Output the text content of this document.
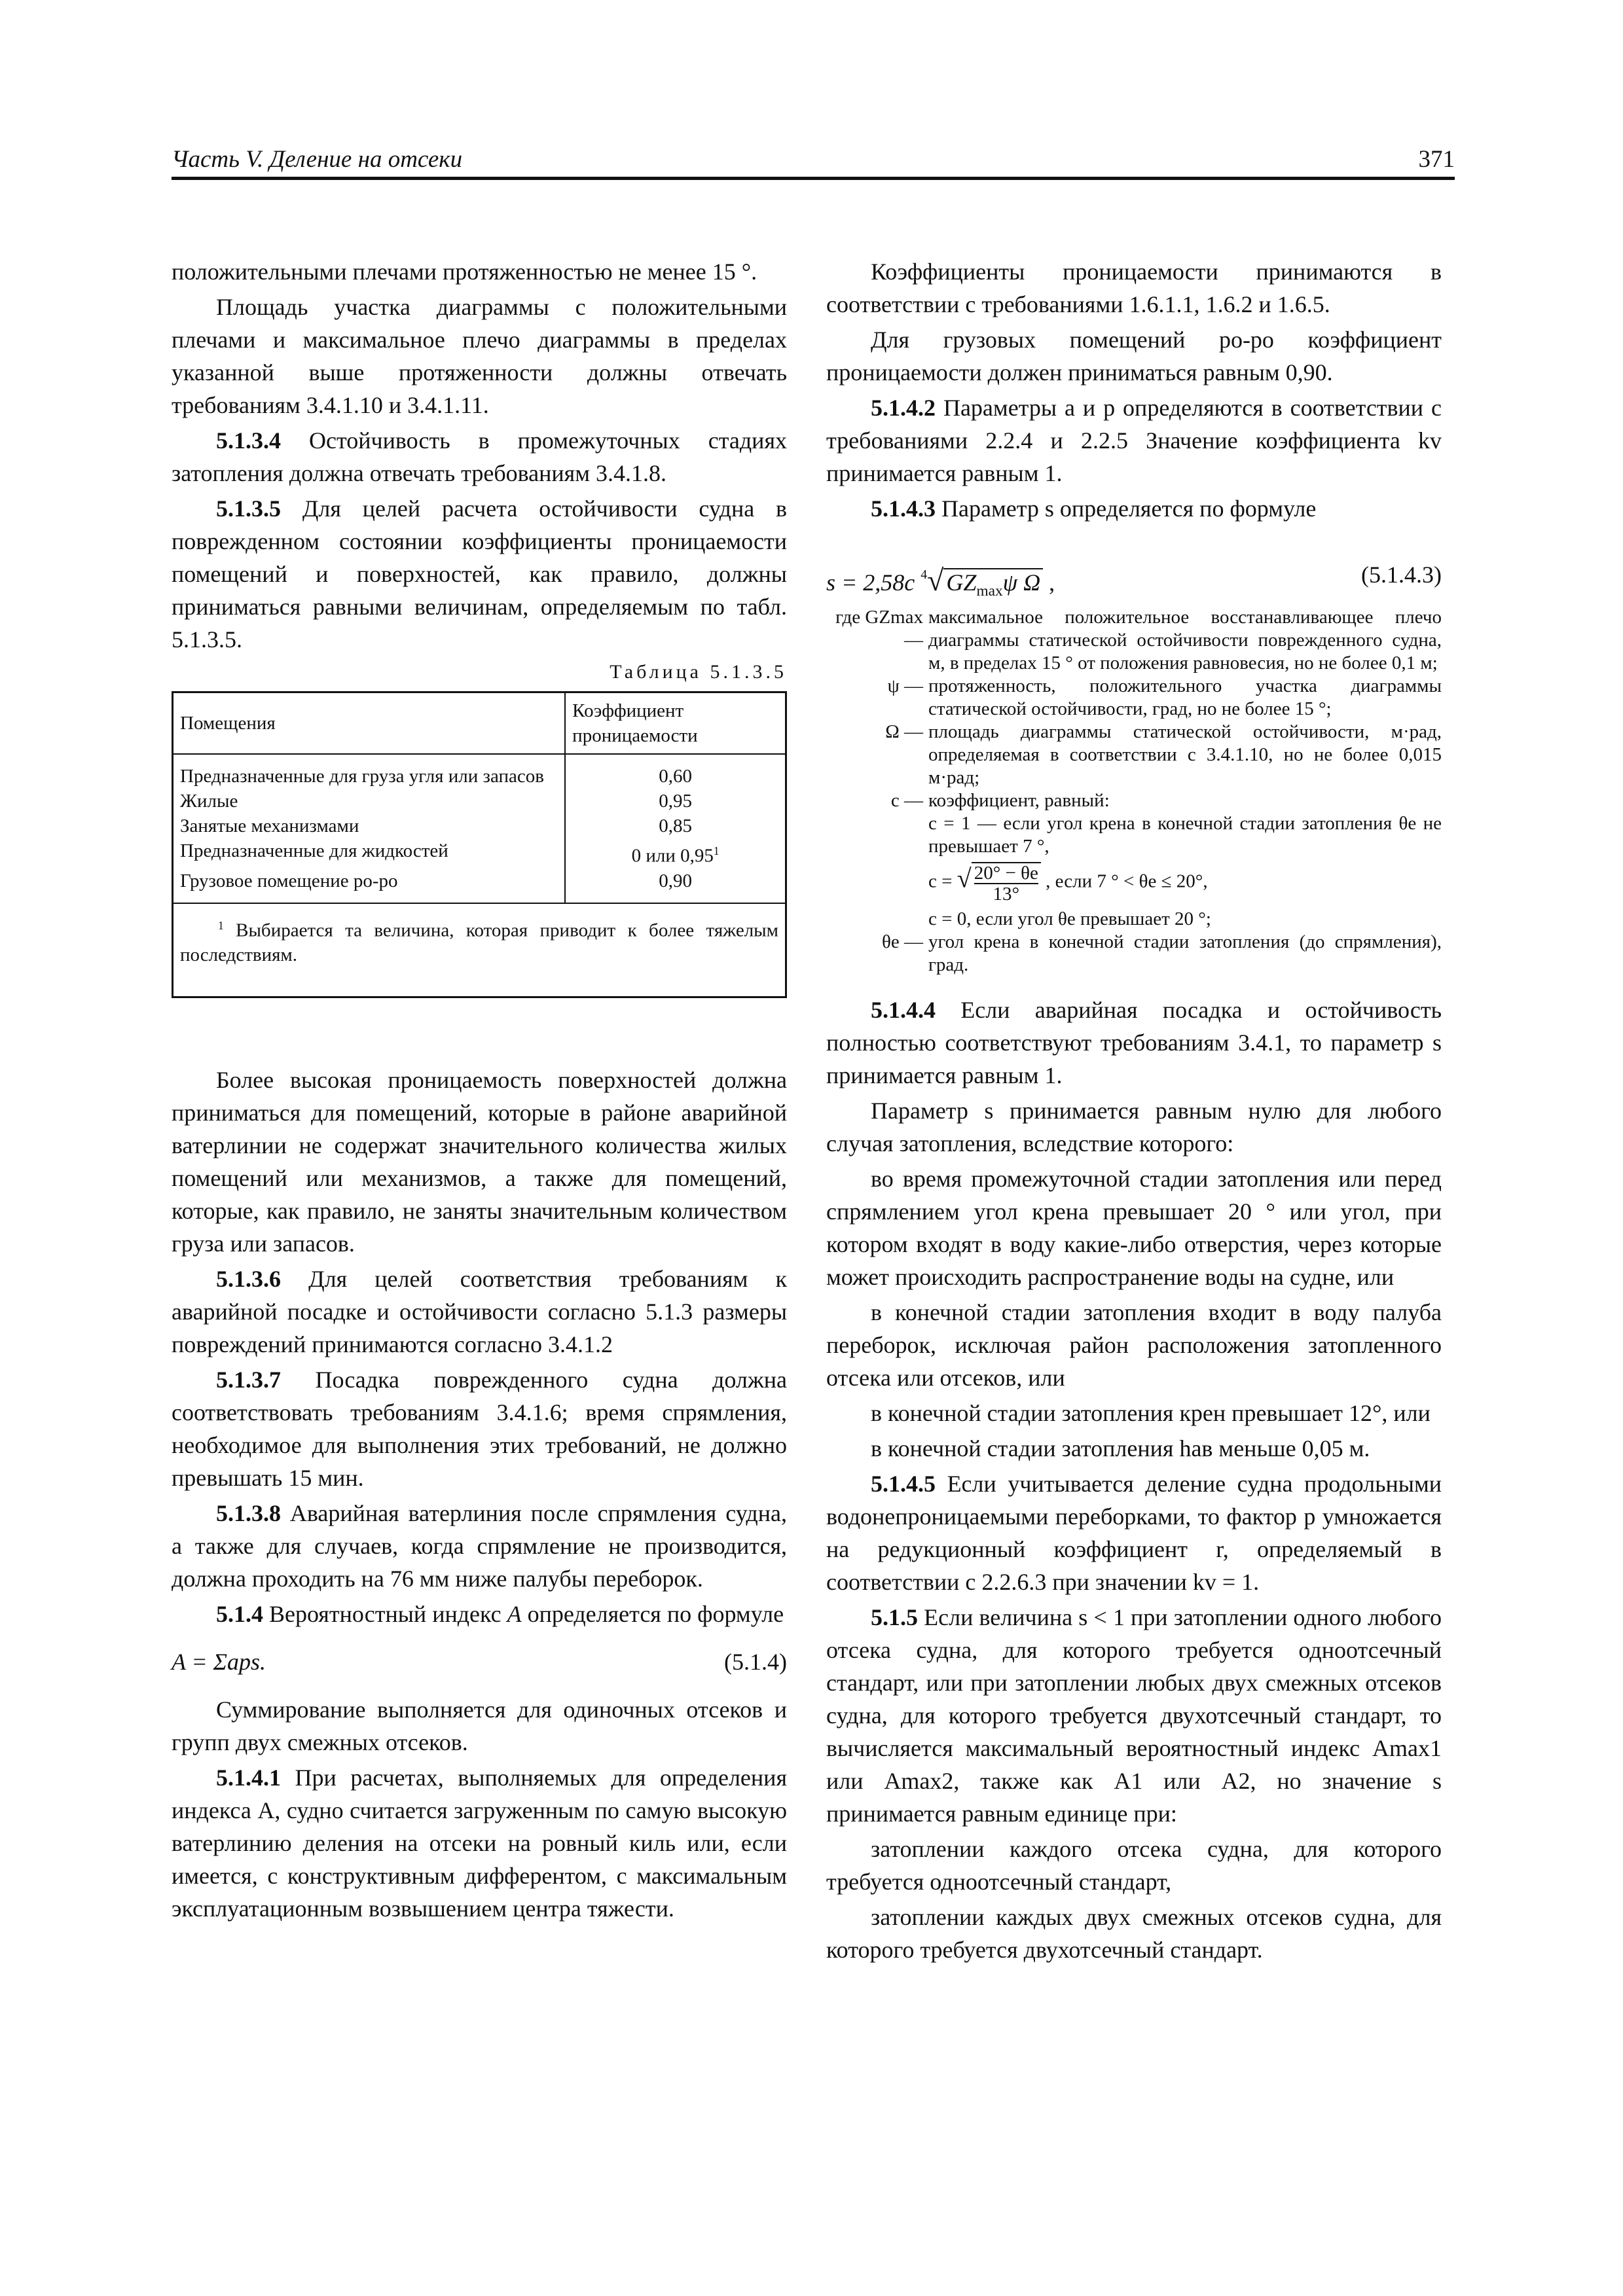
Часть V. Деление на отсеки	371

положительными плечами протяженностью не менее 15 °.

Площадь участка диаграммы с положительными плечами и максимальное плечо диаграммы в пределах указанной выше протяженности должны отвечать требованиям 3.4.1.10 и 3.4.1.11.

5.1.3.4 Остойчивость в промежуточных стадиях затопления должна отвечать требованиям 3.4.1.8.

5.1.3.5 Для целей расчета остойчивости судна в поврежденном состоянии коэффициенты проницаемости помещений и поверхностей, как правило, должны приниматься равными величинам, определяемым по табл. 5.1.3.5.

Таблица 5.1.3.5
Помещения	Коэффициент проницаемости
Предназначенные для груза угля или запасов	0,60
Жилые	0,95
Занятые механизмами	0,85
Предназначенные для жидкостей	0 или 0,95$^1$
Грузовое помещение ро-ро	0,90
$^1$ Выбирается та величина, которая приводит к более тяжелым последствиям.	

Более высокая проницаемость поверхностей должна приниматься для помещений, которые в районе аварийной ватерлинии не содержат значительного количества жилых помещений или механизмов, а также для помещений, которые, как правило, не заняты значительным количеством груза или запасов.

5.1.3.6 Для целей соответствия требованиям к аварийной посадке и остойчивости согласно 5.1.3 размеры повреждений принимаются согласно 3.4.1.2

5.1.3.7 Посадка поврежденного судна должна соответствовать требованиям 3.4.1.6; время спрямления, необходимое для выполнения этих требований, не должно превышать 15 мин.

5.1.3.8 Аварийная ватерлиния после спрямления судна, а также для случаев, когда спрямление не производится, должна проходить на 76 мм ниже палубы переборок.

5.1.4 Вероятностный индекс A определяется по формуле

A = Σaps.	(5.1.4)

Суммирование выполняется для одиночных отсеков и групп двух смежных отсеков.

5.1.4.1 При расчетах, выполняемых для определения индекса A, судно считается загруженным по самую высокую ватерлинию деления на отсеки на ровный киль или, если имеется, с конструктивным дифферентом, с максимальным эксплуатационным возвышением центра тяжести.

Коэффициенты проницаемости принимаются в соответствии с требованиями 1.6.1.1, 1.6.2 и 1.6.5.

Для грузовых помещений ро-ро коэффициент проницаемости должен приниматься равным 0,90.

5.1.4.2 Параметры a и p определяются в соответствии с требованиями 2.2.4 и 2.2.5 Значение коэффициента kv принимается равным 1.

5.1.4.3 Параметр s определяется по формуле

s = 2,58c $^4$√ $GZ_{max}\psi$ Ω ,	(5.1.4.3)
где GZmax —
максимальное положительное восстанавливающее плечо диаграммы статической остойчивости поврежденного судна, м, в пределах 15 ° от положения равновесия, но не более 0,1 м;
ψ — протяженность, положительного участка диаграммы статической остойчивости, град, но не более 15 °;
Ω — площадь диаграммы статической остойчивости, м·рад, определяемая в соответствии с 3.4.1.10, но не более 0,015 м·рад;
c — коэффициент, равный:
c = 1 — если угол крена в конечной стадии затопления θe не превышает 7 °,
c = √ $\frac{20^\circ - \theta e}{13^\circ}$ , если 7 ° < θe ≤ 20°,
c = 0, если угол θe превышает 20 °;
θe — угол крена в конечной стадии затопления (до спрямления), град.

5.1.4.4 Если аварийная посадка и остойчивость полностью соответствуют требованиям 3.4.1, то параметр s принимается равным 1.

Параметр s принимается равным нулю для любого случая затопления, вследствие которого:

во время промежуточной стадии затопления или перед спрямлением угол крена превышает 20 ° или угол, при котором входят в воду какие-либо отверстия, через которые может происходить распространение воды на судне, или

в конечной стадии затопления входит в воду палуба переборок, исключая район расположения затопленного отсека или отсеков, или

в конечной стадии затопления крен превышает 12°, или

в конечной стадии затопления hав меньше 0,05 м.

5.1.4.5 Если учитывается деление судна продольными водонепроницаемыми переборками, то фактор p умножается на редукционный коэффициент r, определяемый в соответствии с 2.2.6.3 при значении kv = 1.

5.1.5 Если величина s < 1 при затоплении одного любого отсека судна, для которого требуется одноотсечный стандарт, или при затоплении любых двух смежных отсеков судна, для которого требуется двухотсечный стандарт, то вычисляется максимальный вероятностный индекс Amax1 или Amax2, также как A1 или A2, но значение s принимается равным единице при:

затоплении каждого отсека судна, для которого требуется одноотсечный стандарт,

затоплении каждых двух смежных отсеков судна, для которого требуется двухотсечный стандарт.
